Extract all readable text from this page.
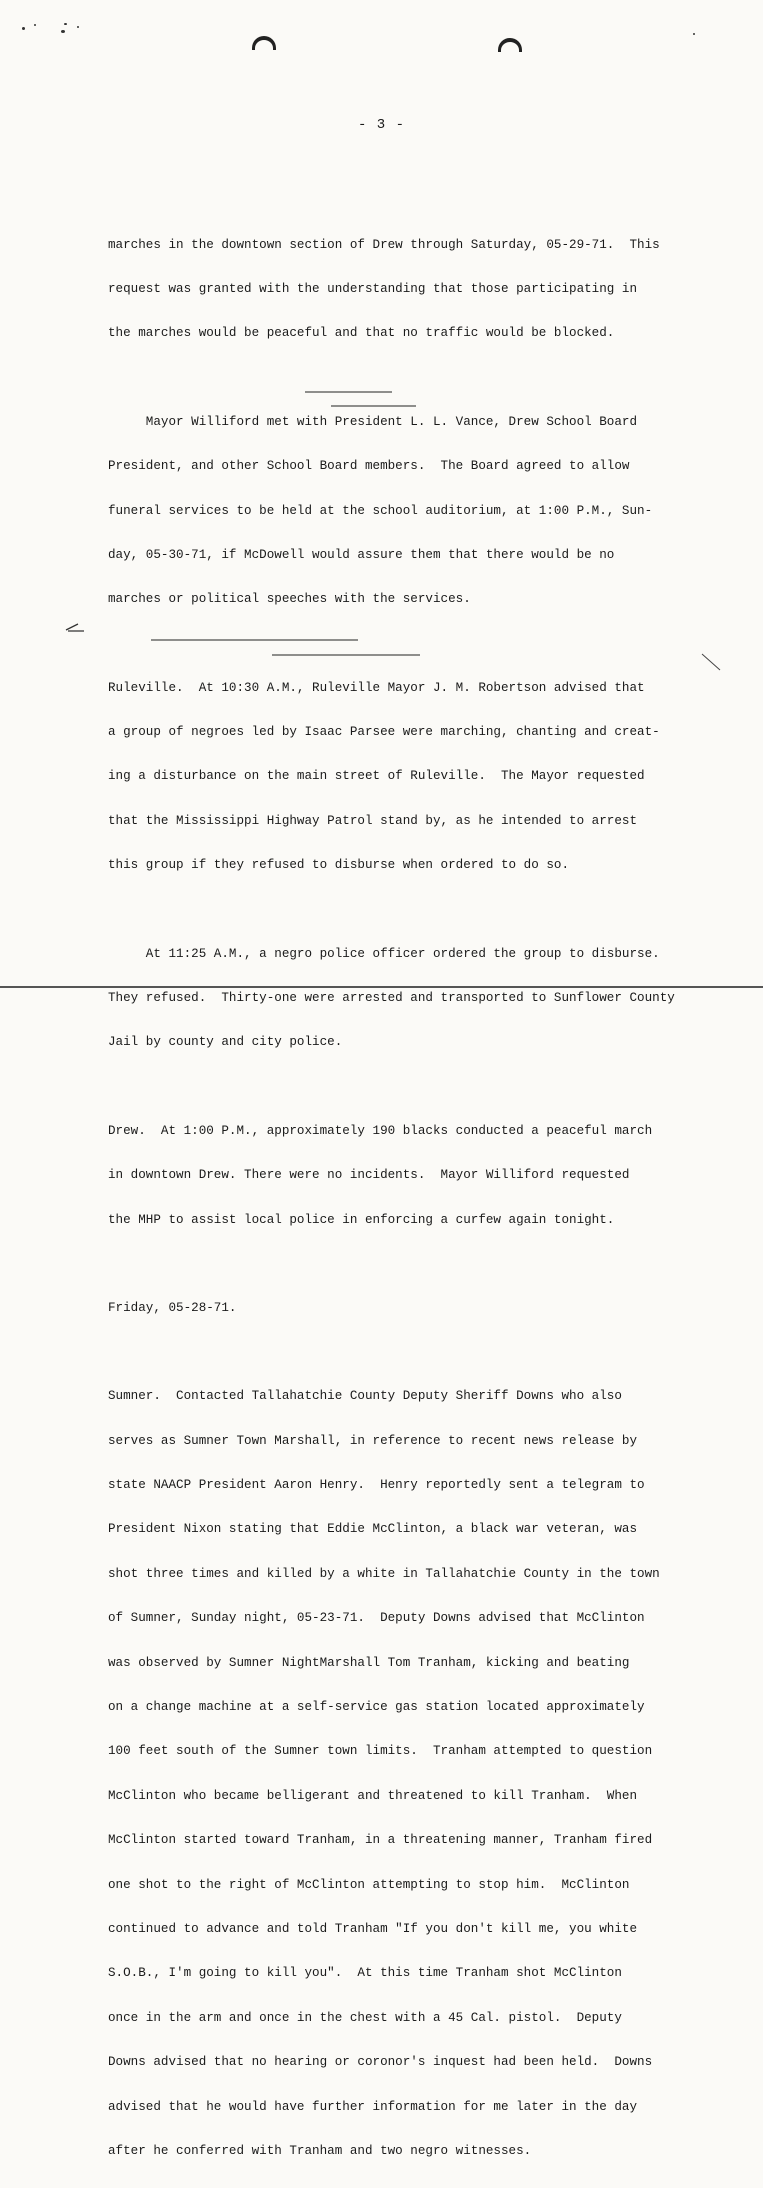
- 3 -

marches in the downtown section of Drew through Saturday, 05-29-71.  This

request was granted with the understanding that those participating in

the marches would be peaceful and that no traffic would be blocked.

Mayor Williford met with President L. L. Vance, Drew School Board

President, and other School Board members.  The Board agreed to allow

funeral services to be held at the school auditorium, at 1:00 P.M., Sun-

day, 05-30-71, if McDowell would assure them that there would be no

marches or political speeches with the services.

Ruleville.  At 10:30 A.M., Ruleville Mayor J. M. Robertson advised that

a group of negroes led by Isaac Parsee were marching, chanting and creat-

ing a disturbance on the main street of Ruleville.  The Mayor requested

that the Mississippi Highway Patrol stand by, as he intended to arrest

this group if they refused to disburse when ordered to do so.

At 11:25 A.M., a negro police officer ordered the group to disburse.

They refused.  Thirty-one were arrested and transported to Sunflower County

Jail by county and city police.

Drew.  At 1:00 P.M., approximately 190 blacks conducted a peaceful march

in downtown Drew. There were no incidents.  Mayor Williford requested

the MHP to assist local police in enforcing a curfew again tonight.

Friday, 05-28-71.

Sumner.  Contacted Tallahatchie County Deputy Sheriff Downs who also

serves as Sumner Town Marshall, in reference to recent news release by

state NAACP President Aaron Henry.  Henry reportedly sent a telegram to

President Nixon stating that Eddie McClinton, a black war veteran, was

shot three times and killed by a white in Tallahatchie County in the town

of Sumner, Sunday night, 05-23-71.  Deputy Downs advised that McClinton

was observed by Sumner NightMarshall Tom Tranham, kicking and beating

on a change machine at a self-service gas station located approximately

100 feet south of the Sumner town limits.  Tranham attempted to question

McClinton who became belligerant and threatened to kill Tranham.  When

McClinton started toward Tranham, in a threatening manner, Tranham fired

one shot to the right of McClinton attempting to stop him.  McClinton

continued to advance and told Tranham "If you don't kill me, you white

S.O.B., I'm going to kill you".  At this time Tranham shot McClinton

once in the arm and once in the chest with a 45 Cal. pistol.  Deputy

Downs advised that no hearing or coronor's inquest had been held.  Downs

advised that he would have further information for me later in the day

after he conferred with Tranham and two negro witnesses.
